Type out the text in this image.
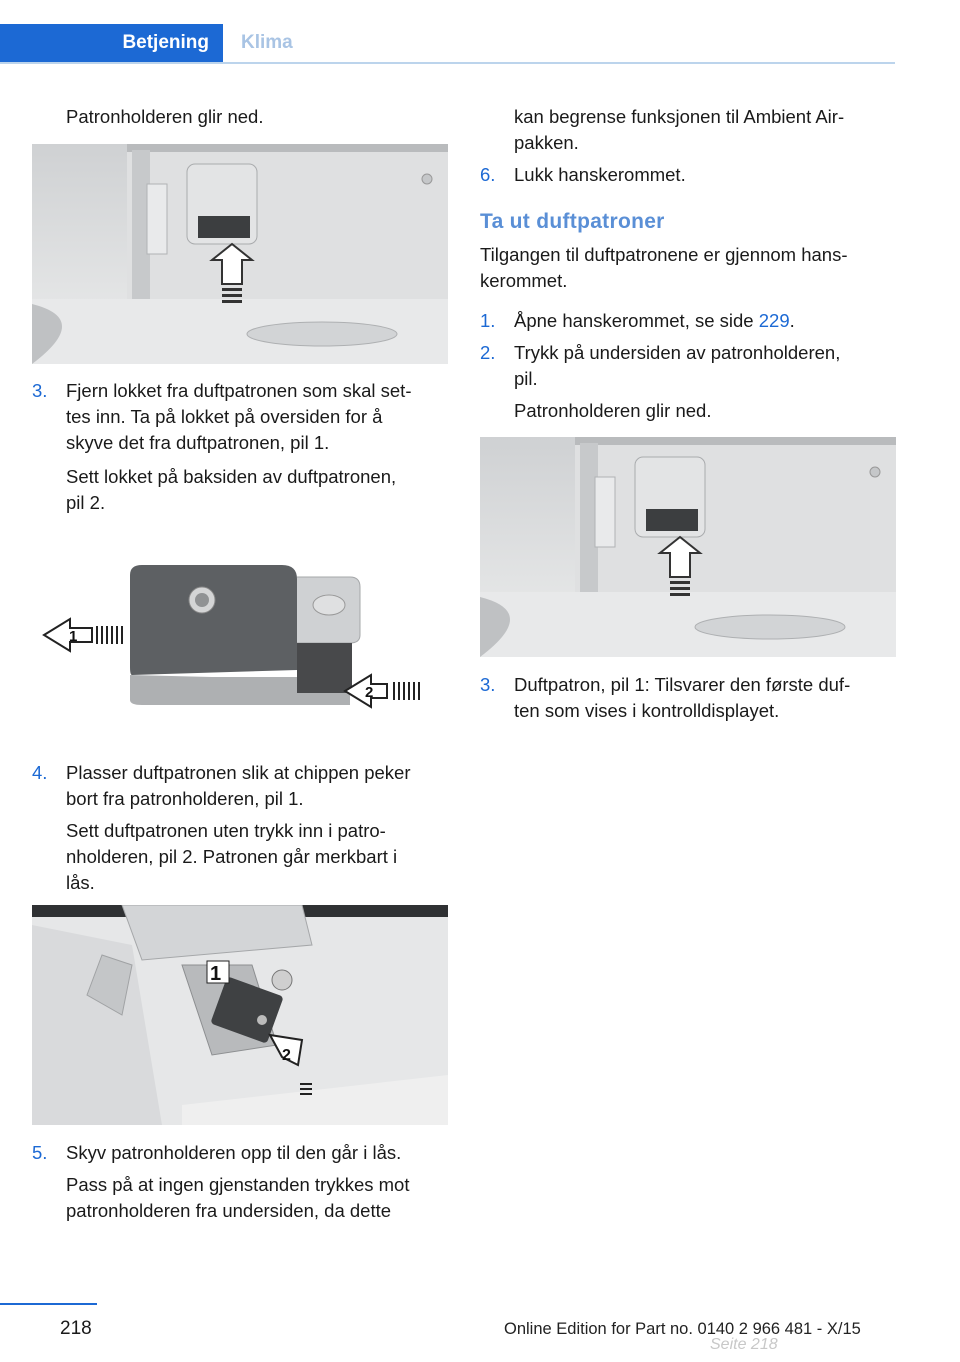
Betjening Klima
Patronholderen glir ned.
3. Fjern lokket fra duftpatronen som skal set-
tes inn. Ta på lokket på oversiden for å
skyve det fra duftpatronen, pil 1.
Sett lokket på baksiden av duftpatronen,
pil 2.
1
2
4. Plasser duftpatronen slik at chippen peker
bort fra patronholderen, pil 1.
Sett duftpatronen uten trykk inn i patro-
nholderen, pil 2. Patronen går merkbart i
lås.
1
2
5. Skyv patronholderen opp til den går i lås.
Pass på at ingen gjenstanden trykkes mot
patronholderen fra undersiden, da dette
kan begrense funksjonen til Ambient Air-
pakken.
6. Lukk hanskerommet.
Ta ut duftpatroner
Tilgangen til duftpatronene er gjennom hans-
kerommet.
1. Åpne hanskerommet, se side 229.
2. Trykk på undersiden av patronholderen,
pil.
Patronholderen glir ned.
3. Duftpatron, pil 1: Tilsvarer den første duf-
ten som vises i kontrolldisplayet.
218	Online Edition for Part no. 0140 2 966 481 - X/15
Seite 218
